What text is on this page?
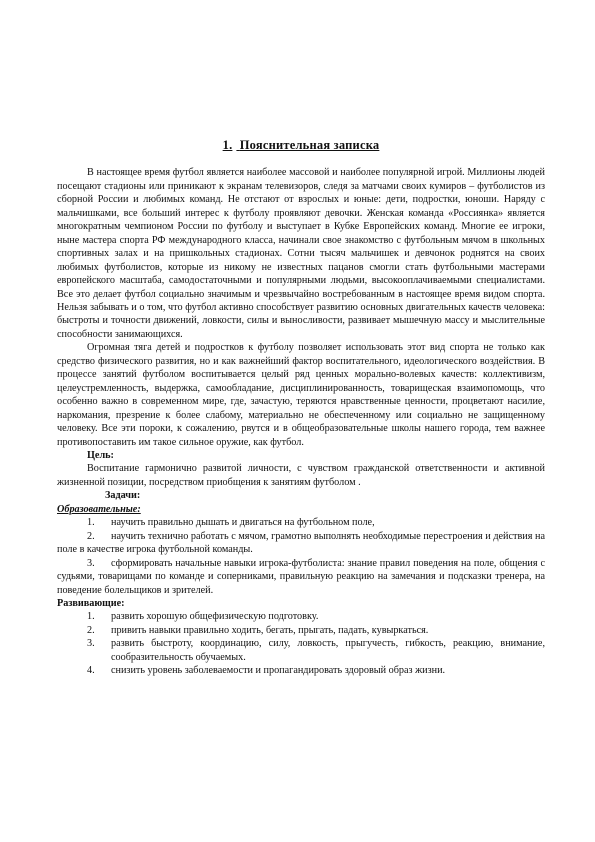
1. Пояснительная записка

В настоящее время футбол является наиболее массовой и наиболее популярной игрой. Миллионы людей посещают стадионы или приникают к экранам телевизоров, следя за матчами своих кумиров – футболистов из сборной России и любимых команд. Не отстают от взрослых и юные: дети, подростки, юноши. Наряду с мальчишками, все больший интерес к футболу проявляют девочки. Женская команда «Россиянка» является многократным чемпионом России по футболу и выступает в Кубке Европейских команд. Многие ее игроки, ныне мастера спорта РФ международного класса, начинали свое знакомство с футбольным мячом в школьных спортивных залах и на пришкольных стадионах. Сотни тысяч мальчишек и девчонок роднятся на своих любимых футболистов, которые из никому не известных пацанов смогли стать футбольными мастерами европейского масштаба, самодостаточными и популярными людьми, высокооплачиваемыми специалистами. Все это делает футбол социально значимым и чрезвычайно востребованным в настоящее время видом спорта. Нельзя забывать и о том, что футбол активно способствует развитию основных двигательных качеств человека: быстроты и точности движений, ловкости, силы и выносливости, развивает мышечную массу и мыслительные способности занимающихся.

Огромная тяга детей и подростков к футболу позволяет использовать этот вид спорта не только как средство физического развития, но и как важнейший фактор воспитательного, идеологического воздействия. В процессе занятий футболом воспитывается целый ряд ценных морально-волевых качеств: коллективизм, целеустремленность, выдержка, самообладание, дисциплинированность, товарищеская взаимопомощь, что особенно важно в современном мире, где, зачастую, теряются нравственные ценности, процветают насилие, наркомания, презрение к более слабому, материально не обеспеченному или социально не защищенному человеку. Все эти пороки, к сожалению, рвутся и в общеобразовательные школы нашего города, тем важнее противопоставить им такое сильное оружие, как футбол.

Цель:

Воспитание гармонично развитой личности, с чувством гражданской ответственности и активной жизненной позиции, посредством приобщения к занятиям футболом .

Задачи:

Образовательные:

1. научить правильно дышать и двигаться на футбольном поле,
2. научить технично работать с мячом, грамотно выполнять необходимые перестроения и действия на поле в качестве игрока футбольной команды.
3. сформировать начальные навыки игрока-футболиста: знание правил поведения на поле, общения с судьями, товарищами по команде и соперниками, правильную реакцию на замечания и подсказки тренера, на поведение болельщиков и зрителей.

Развивающие:

1. развить хорошую общефизическую подготовку.
2. привить навыки правильно ходить, бегать, прыгать, падать, кувыркаться.
3. развить быстроту, координацию, силу, ловкость, прыгучесть, гибкость, реакцию, внимание, сообразительность обучаемых.
4. снизить уровень заболеваемости и пропагандировать здоровый образ жизни.
